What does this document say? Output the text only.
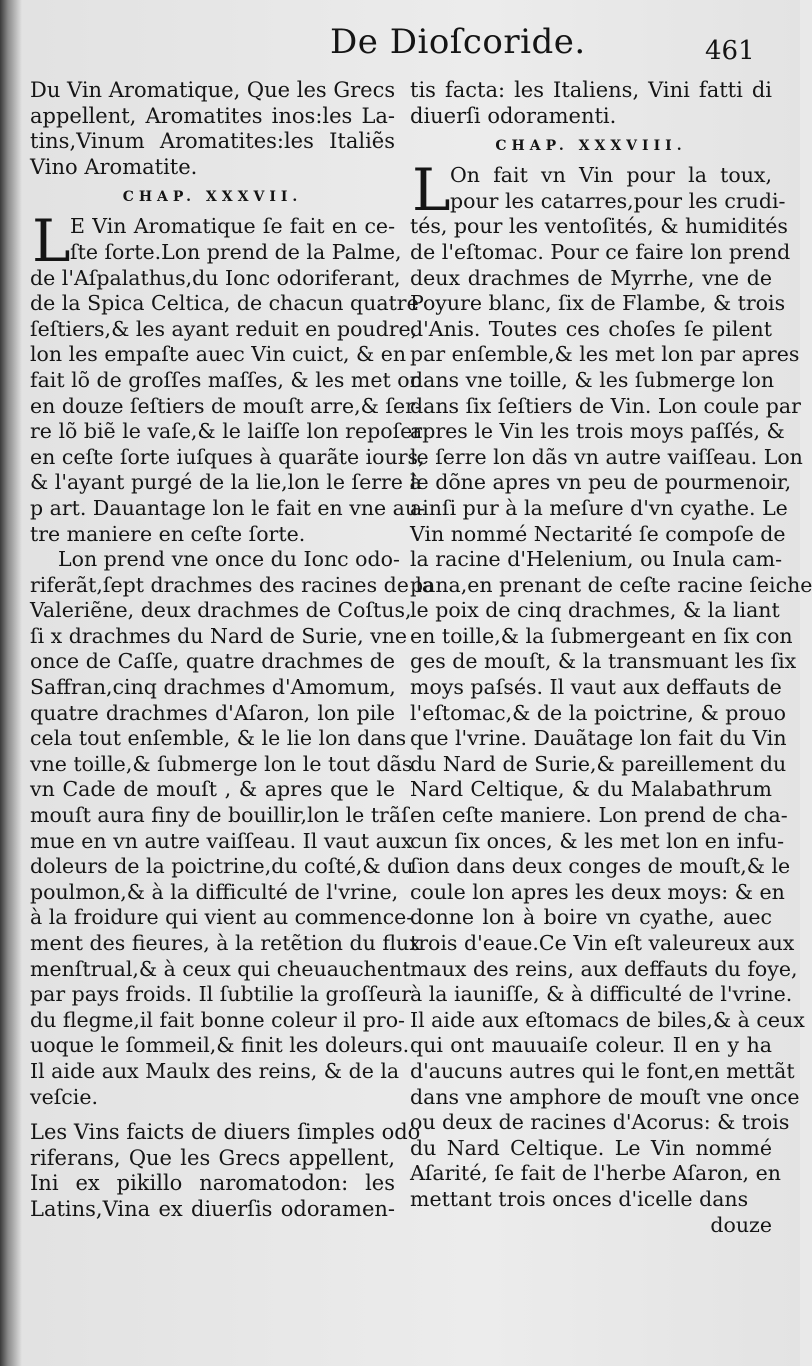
De Dioſcoride.	461
Du Vin Aromatique, Que les Grecs
appellent, Aromatites inos:les La-
tins,Vinum Aromatites:les Italiẽs
Vino Aromatite.
CHAP. XXXVII.
L E Vin Aromatique ſe fait en ce-
ſte ſorte.Lon prend de la Palme,
de l'Aſpalathus,du Ionc odoriferant,
de la Spica Celtica, de chacun quatre
ſeſtiers,& les ayant reduit en poudre,
lon les empaſte auec Vin cuict, & en
fait lõ de groſſes maſſes, & les met on
en douze ſeſtiers de mouſt arre,& ſer-
re lõ biẽ le vaſe,& le laiſſe lon repoſer
en ceſte ſorte iuſques à quarãte iours,
& l'ayant purgé de la lie,lon le ſerre à
p art. Dauantage lon le fait en vne au-
tre maniere en ceſte ſorte.
Lon prend vne once du Ionc odo-
riferãt,ſept drachmes des racines de la
Valeriẽne, deux drachmes de Coſtus,
ſi x drachmes du Nard de Surie, vne
once de Caſſe, quatre drachmes de
Saffran,cinq drachmes d'Amomum,
quatre drachmes d'Aſaron, lon pile
cela tout enſemble, & le lie lon dans
vne toille,& ſubmerge lon le tout dãs
vn Cade de mouſt , & apres que le
mouſt aura finy de bouillir,lon le trãſ
mue en vn autre vaiſſeau. Il vaut aux
doleurs de la poictrine,du coſté,& du
poulmon,& à la difficulté de l'vrine,
à la froidure qui vient au commence-
ment des fieures, à la retẽtion du flux
menſtrual,& à ceux qui cheuauchent
par pays froids. Il ſubtilie la groſſeur
du flegme,il fait bonne coleur il pro-
uoque le ſommeil,& finit les doleurs.
Il aide aux Maulx des reins, & de la
veſcie.
Les Vins faicts de diuers ſimples odo
riferans, Que les Grecs appellent,
Ini ex pikillo naromatodon: les
Latins,Vina ex diuerſis odoramen-
tis facta: les Italiens, Vini fatti di
diuerſi odoramenti.
CHAP. XXXVIII.
L On fait vn Vin pour la toux,
pour les catarres,pour les crudi-
tés, pour les ventoſités, & humidités
de l'eſtomac. Pour ce faire lon prend
deux drachmes de Myrrhe, vne de
Poyure blanc, ſix de Flambe, & trois
d'Anis. Toutes ces choſes ſe pilent
par enſemble,& les met lon par apres
dans vne toille, & les ſubmerge lon
dans ſix ſeſtiers de Vin. Lon coule par
apres le Vin les trois moys paſſés, &
le ſerre lon dãs vn autre vaiſſeau. Lon
le dõne apres vn peu de pourmenoir,
ainſi pur à la meſure d'vn cyathe. Le
Vin nommé Nectarité ſe compoſe de
la racine d'Helenium, ou Inula cam-
pana,en prenant de ceſte racine ſeiche
le poix de cinq drachmes, & la liant
en toille,& la ſubmergeant en ſix con
ges de mouſt, & la transmuant les ſix
moys paſsés. Il vaut aux deffauts de
l'eſtomac,& de la poictrine, & prouo
que l'vrine. Dauãtage lon fait du Vin
du Nard de Surie,& pareillement du
Nard Celtique, & du Malabathrum
en ceſte maniere. Lon prend de cha-
cun ſix onces, & les met lon en infu-
ſion dans deux conges de mouſt,& le
coule lon apres les deux moys: & en
donne lon à boire vn cyathe, auec
trois d'eaue.Ce Vin eſt valeureux aux
maux des reins, aux deffauts du foye,
à la iauniſſe, & à difficulté de l'vrine.
Il aide aux eſtomacs de biles,& à ceux
qui ont mauuaiſe coleur. Il en y ha
d'aucuns autres qui le font,en mettãt
dans vne amphore de mouſt vne once
ou deux de racines d'Acorus: & trois
du Nard Celtique. Le Vin nommé
Aſarité, ſe fait de l'herbe Aſaron, en
mettant trois onces d'icelle dans
douze
